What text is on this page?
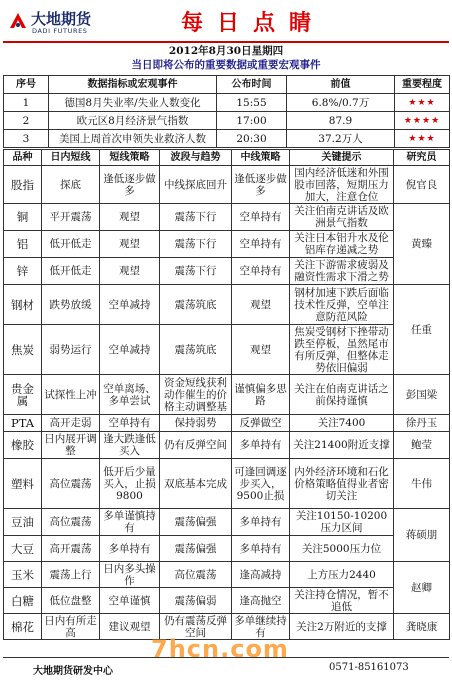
大地期货
DADI FUTURES	每日点睛
2012年8月30日星期四
当日即将公布的重要数据或重要宏观事件
序号	数据指标或宏观事件	公布时间	前值	重要程度
1	德国8月失业率/失业人数变化	15:55	6.8%/0.7万	★★★
2	欧元区8月经济景气指数	17:00	87.9	★★★★
3	美国上周首次申领失业救济人数	20:30	37.2万人	★★★
品种	日内短线	短线策略	波段与趋势	中线策略	关键提示	研究员
股指	探底	逢低逐步做多	中线探底回升	逢低逐步做多	国内经济低迷和外围股市回落，短期压力加大，注意仓位	倪官良
铜	平开震荡	观望	震荡下行	空单持有	关注伯南克讲话及欧洲景气指数	黄臻
铝	低开低走	观望	震荡下行	空单持有	关注日本铝升水及伦铝库存递减之势	
锌	低开低走	观望	震荡下行	空单持有	关注下游需求疲弱及融资性需求下滑之势	
钢材	跌势放缓	空单减持	震荡筑底	观望	钢材加速下跌后面临技术性反弹，空单注意防范风险	任重
焦炭	弱势运行	空单减持	震荡筑底	观望	焦炭受钢材下挫带动跌至停板，虽然尾市有所反弹，但整体走势依旧偏弱	
贵金属	试探性上冲	空单离场、多单尝试	资金短线获利动作催生的价格主动调整基	谨慎偏多思路	关注在伯南克讲话之前保持谨慎	彭国梁
PTA	高开走弱	空单持有	保持弱势	反弹做空	关注7400	徐丹玉
橡胶	日内展开调整	逢大跌逢低买入	仍有反弹空间	多单持有	关注21400附近支撑	鲍莹
塑料	高位震荡	低开后少量买入，止损9800	双底基本完成	可逢回调逐步买入，9500止损	内外经济环境和石化价格策略值得业者密切关注	牛伟
豆油	高位震荡	多单谨慎持有	震荡偏强	多单持有	关注10150-10200压力区间	蒋硕朋
大豆	高开震荡	多单持有	震荡偏强	多单持有	关注5000压力位	
玉米	震荡上行	日内多头操作	高位震荡	逢高减持	上方压力2440	赵卿
白糖	低位盘整	空单谨慎	震荡偏弱	逢高抛空	关注持仓情况，暂不追低	
棉花	日内有所走高	建议观望	仍有震荡反弹空间	多单继续持有	关注2万附近的支撑	龚晓康
7hcn.com
大地期货研发中心	0571-85161073
